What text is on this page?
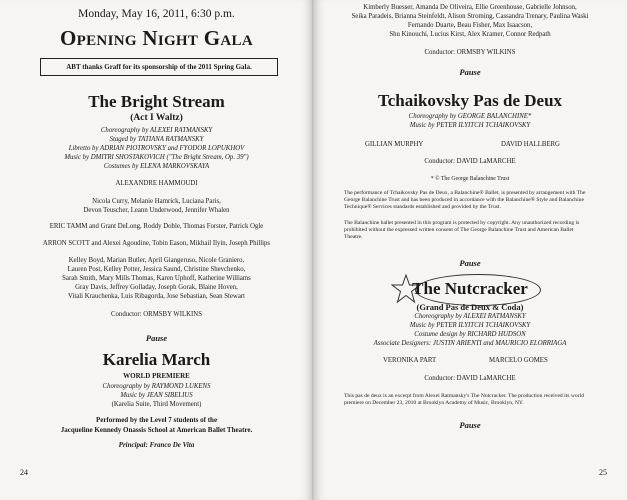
Monday, May 16, 2011, 6:30 p.m.
Opening Night Gala
ABT thanks Graff for its sponsorship of the 2011 Spring Gala.
The Bright Stream
(Act I Waltz)
Choreography by ALEXEI RATMANSKY
Staged by TATIANA RATMANSKY
Libretto by ADRIAN PIOTROVSKY and FYODOR LOPUKHOV
Music by DMITRI SHOSTAKOVICH ("The Bright Stream, Op. 39")
Costumes by ELENA MARKOVSKAYA
ALEXANDRE HAMMOUDI
Nicola Curry, Melanie Hamrick, Luciana Paris,
Devon Teuscher, Leann Underwood, Jennifer Whalen
ERIC TAMM and Grant DeLong, Roddy Doble, Thomas Forster, Patrick Ogle
ARRON SCOTT and Alexei Agoudine, Tobin Eason, Mikhail Ilyin, Joseph Phillips
Kelley Boyd, Marian Butler, April Giangeruso, Nicole Graniero,
Lauren Post, Kelley Potter, Jessica Saund, Christine Shevchenko,
Sarah Smith, Mary Mills Thomas, Karen Uphoff, Katherine Williams
Gray Davis, Jeffrey Golladay, Joseph Gorak, Blaine Hoven,
Vitali Krauchenka, Luis Ribagorda, Jose Sebastian, Sean Stewart
Conductor: ORMSBY WILKINS
Pause
Karelia March
WORLD PREMIERE
Choreography by RAYMOND LUKENS
Music by JEAN SIBELIUS
(Karelia Suite, Third Movement)
Performed by the Level 7 students of the
Jacqueline Kennedy Onassis School at American Ballet Theatre.
Principal: Franco De Vita
24
Kimberly Buesser, Amanda De Oliveira, Ellie Greenhouse, Gabrielle Johnson,
Seika Paradeis, Brianna Steinfeldt, Alison Stroming, Cassandra Trenary, Paulina Waski
Fernando Duarte, Beau Fisher, Max Isaacson,
Shu Kinouchi, Lucius Kirst, Alex Kramer, Connor Redpath
Conductor: ORMSBY WILKINS
Pause
Tchaikovsky Pas de Deux
Choreography by GEORGE BALANCHINE*
Music by PETER ILYITCH TCHAIKOVSKY
GILLIAN MURPHY	DAVID HALLBERG
Conductor: DAVID LaMARCHE
* © The George Balanchine Trust
The performance of Tchaikovsky Pas de Deux, a Balanchine® Ballet, is presented by arrangement with The
George Balanchine Trust and has been produced in accordance with the Balanchine® Style and Balanchine
Technique® Services standards established and provided by the Trust.
The Balanchine ballet presented in this program is protected by copyright. Any unauthorized recording is
prohibited without the expressed written consent of The George Balanchine Trust and American Ballet
Theatre.
Pause
The Nutcracker
(Grand Pas de Deux & Coda)
Choreography by ALEXEI RATMANSKY
Music by PETER ILYITCH TCHAIKOVSKY
Costume design by RICHARD HUDSON
Associate Designers: JUSTIN ARIENTI and MAURICIO ELORRIAGA
VERONIKA PART	MARCELO GOMES
Conductor: DAVID LaMARCHE
This pas de deux is an excerpt from Alexei Ratmansky's The Nutcracker. The production received its world
premiere on December 23, 2010 at Brooklyn Academy of Music, Brooklyn, NY.
Pause
25
